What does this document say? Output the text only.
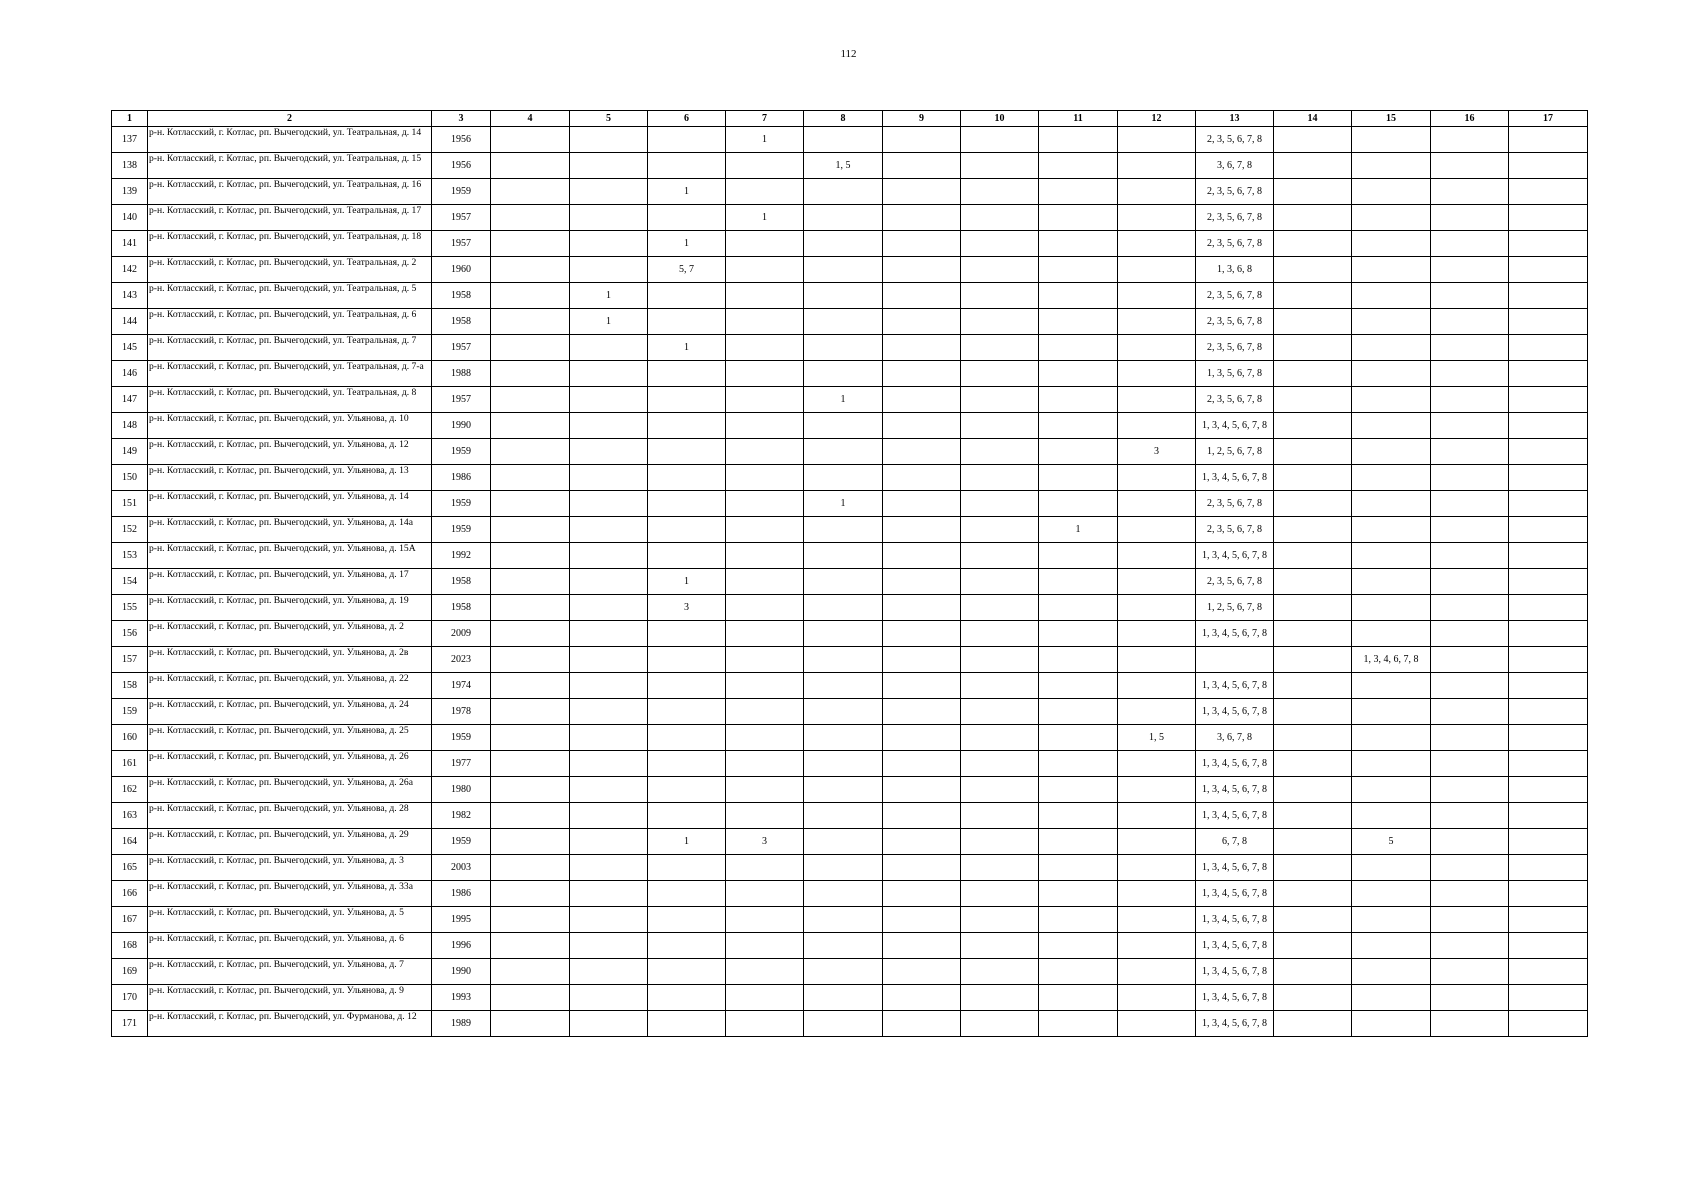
112
1	2	3	4	5	6	7	8	9	10	11	12	13	14	15	16	17
137	р-н. Котласский, г. Котлас, рп. Вычегодский, ул. Театральная, д. 14	1956				1						2, 3, 5, 6, 7, 8				
138	р-н. Котласский, г. Котлас, рп. Вычегодский, ул. Театральная, д. 15	1956					1, 5					3, 6, 7, 8				
139	р-н. Котласский, г. Котлас, рп. Вычегодский, ул. Театральная, д. 16	1959			1							2, 3, 5, 6, 7, 8				
140	р-н. Котласский, г. Котлас, рп. Вычегодский, ул. Театральная, д. 17	1957				1						2, 3, 5, 6, 7, 8				
141	р-н. Котласский, г. Котлас, рп. Вычегодский, ул. Театральная, д. 18	1957			1							2, 3, 5, 6, 7, 8				
142	р-н. Котласский, г. Котлас, рп. Вычегодский, ул. Театральная, д. 2	1960			5, 7							1, 3, 6, 8				
143	р-н. Котласский, г. Котлас, рп. Вычегодский, ул. Театральная, д. 5	1958		1								2, 3, 5, 6, 7, 8				
144	р-н. Котласский, г. Котлас, рп. Вычегодский, ул. Театральная, д. 6	1958		1								2, 3, 5, 6, 7, 8				
145	р-н. Котласский, г. Котлас, рп. Вычегодский, ул. Театральная, д. 7	1957			1							2, 3, 5, 6, 7, 8				
146	р-н. Котласский, г. Котлас, рп. Вычегодский, ул. Театральная, д. 7-а	1988										1, 3, 5, 6, 7, 8				
147	р-н. Котласский, г. Котлас, рп. Вычегодский, ул. Театральная, д. 8	1957					1					2, 3, 5, 6, 7, 8				
148	р-н. Котласский, г. Котлас, рп. Вычегодский, ул. Ульянова, д. 10	1990										1, 3, 4, 5, 6, 7, 8				
149	р-н. Котласский, г. Котлас, рп. Вычегодский, ул. Ульянова, д. 12	1959									3	1, 2, 5, 6, 7, 8				
150	р-н. Котласский, г. Котлас, рп. Вычегодский, ул. Ульянова, д. 13	1986										1, 3, 4, 5, 6, 7, 8				
151	р-н. Котласский, г. Котлас, рп. Вычегодский, ул. Ульянова, д. 14	1959					1					2, 3, 5, 6, 7, 8				
152	р-н. Котласский, г. Котлас, рп. Вычегодский, ул. Ульянова, д. 14а	1959								1		2, 3, 5, 6, 7, 8				
153	р-н. Котласский, г. Котлас, рп. Вычегодский, ул. Ульянова, д. 15А	1992										1, 3, 4, 5, 6, 7, 8				
154	р-н. Котласский, г. Котлас, рп. Вычегодский, ул. Ульянова, д. 17	1958			1							2, 3, 5, 6, 7, 8				
155	р-н. Котласский, г. Котлас, рп. Вычегодский, ул. Ульянова, д. 19	1958			3							1, 2, 5, 6, 7, 8				
156	р-н. Котласский, г. Котлас, рп. Вычегодский, ул. Ульянова, д. 2	2009										1, 3, 4, 5, 6, 7, 8				
157	р-н. Котласский, г. Котлас, рп. Вычегодский, ул. Ульянова, д. 2в	2023												1, 3, 4, 6, 7, 8		
158	р-н. Котласский, г. Котлас, рп. Вычегодский, ул. Ульянова, д. 22	1974										1, 3, 4, 5, 6, 7, 8				
159	р-н. Котласский, г. Котлас, рп. Вычегодский, ул. Ульянова, д. 24	1978										1, 3, 4, 5, 6, 7, 8				
160	р-н. Котласский, г. Котлас, рп. Вычегодский, ул. Ульянова, д. 25	1959									1, 5	3, 6, 7, 8				
161	р-н. Котласский, г. Котлас, рп. Вычегодский, ул. Ульянова, д. 26	1977										1, 3, 4, 5, 6, 7, 8				
162	р-н. Котласский, г. Котлас, рп. Вычегодский, ул. Ульянова, д. 26а	1980										1, 3, 4, 5, 6, 7, 8				
163	р-н. Котласский, г. Котлас, рп. Вычегодский, ул. Ульянова, д. 28	1982										1, 3, 4, 5, 6, 7, 8				
164	р-н. Котласский, г. Котлас, рп. Вычегодский, ул. Ульянова, д. 29	1959			1	3						6, 7, 8		5		
165	р-н. Котласский, г. Котлас, рп. Вычегодский, ул. Ульянова, д. 3	2003										1, 3, 4, 5, 6, 7, 8				
166	р-н. Котласский, г. Котлас, рп. Вычегодский, ул. Ульянова, д. 33а	1986										1, 3, 4, 5, 6, 7, 8				
167	р-н. Котласский, г. Котлас, рп. Вычегодский, ул. Ульянова, д. 5	1995										1, 3, 4, 5, 6, 7, 8				
168	р-н. Котласский, г. Котлас, рп. Вычегодский, ул. Ульянова, д. 6	1996										1, 3, 4, 5, 6, 7, 8				
169	р-н. Котласский, г. Котлас, рп. Вычегодский, ул. Ульянова, д. 7	1990										1, 3, 4, 5, 6, 7, 8				
170	р-н. Котласский, г. Котлас, рп. Вычегодский, ул. Ульянова, д. 9	1993										1, 3, 4, 5, 6, 7, 8				
171	р-н. Котласский, г. Котлас, рп. Вычегодский, ул. Фурманова, д. 12	1989										1, 3, 4, 5, 6, 7, 8				
